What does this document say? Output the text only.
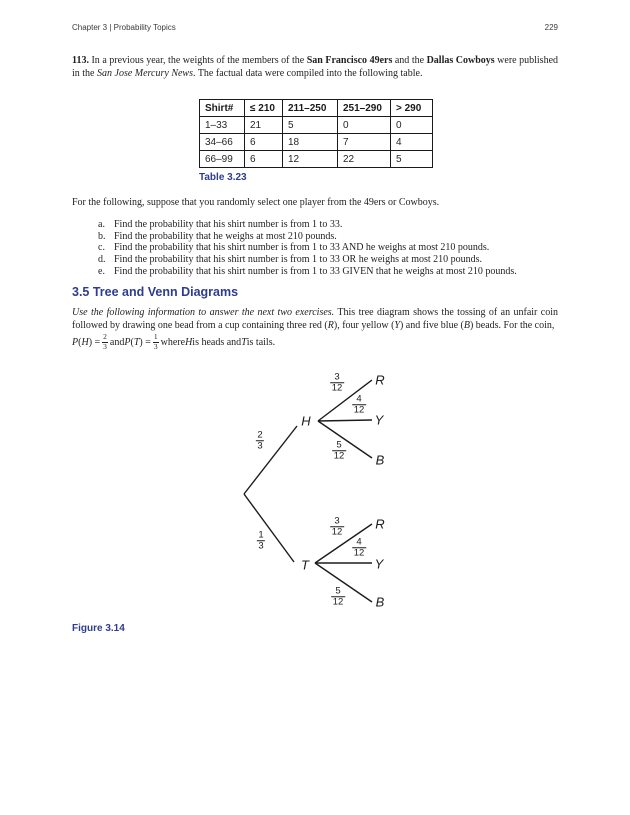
Chapter 3 | Probability Topics	229
113. In a previous year, the weights of the members of the San Francisco 49ers and the Dallas Cowboys were published in the San Jose Mercury News. The factual data were compiled into the following table.
Shirt#	≤ 210	211–250	251–290	> 290
1–33	21	5	0	0
34–66	6	18	7	4
66–99	6	12	22	5
Table 3.23
For the following, suppose that you randomly select one player from the 49ers or Cowboys.
a. Find the probability that his shirt number is from 1 to 33.
b. Find the probability that he weighs at most 210 pounds.
c. Find the probability that his shirt number is from 1 to 33 AND he weighs at most 210 pounds.
d. Find the probability that his shirt number is from 1 to 33 OR he weighs at most 210 pounds.
e. Find the probability that his shirt number is from 1 to 33 GIVEN that he weighs at most 210 pounds.
3.5 Tree and Venn Diagrams
Use the following information to answer the next two exercises. This tree diagram shows the tossing of an unfair coin followed by drawing one bead from a cup containing three red (R), four yellow (Y) and five blue (B) beads. For the coin,
P ( H ) = $\frac{2}{3}$ and P ( T ) = $\frac{1}{3}$ where H is heads and T is tails.
H
T
R
Y
B
R
Y
B
$\frac{2}{3}$
$\frac{1}{3}$
$\frac{3}{12}$
$\frac{4}{12}$
$\frac{5}{12}$
$\frac{3}{12}$
$\frac{4}{12}$
$\frac{5}{12}$
Figure 3.14
